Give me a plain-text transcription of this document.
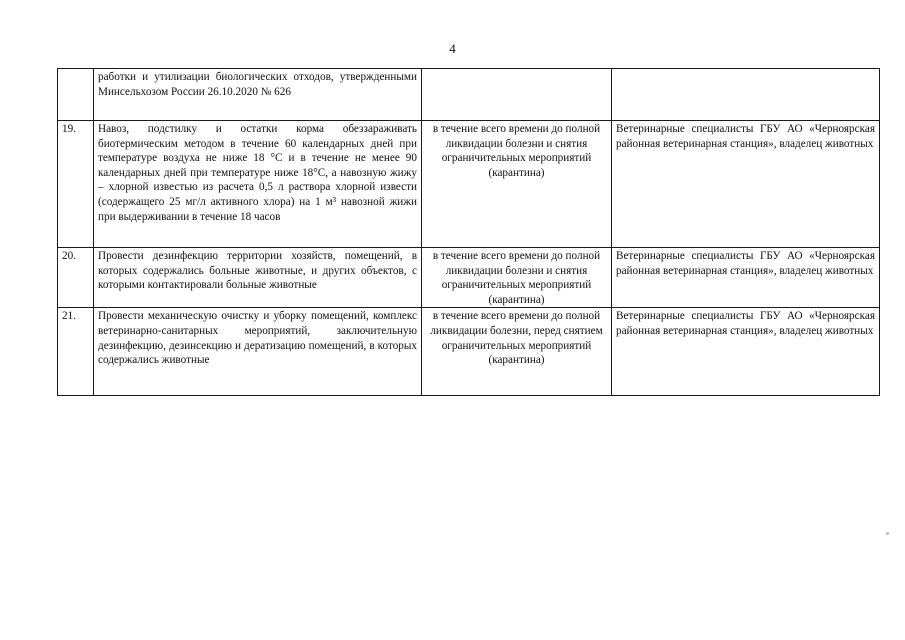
4
	работки и утилизации биологических отходов, утвержденными Минсельхозом России 26.10.2020 № 626		
19.	Навоз, подстилку и остатки корма обеззараживать биотермическим методом в течение 60 календарных дней при температуре воздуха не ниже 18 °С и в течение не менее 90 календарных дней при температуре ниже 18°С, а навозную жижу – хлорной известью из расчета 0,5 л раствора хлорной извести (содержащего 25 мг/л активного хлора) на 1 м³ навозной жижи при выдерживании в течение 18 часов	в течение всего времени до полной ликвидации болезни и снятия ограничительных мероприятий (карантина)	Ветеринарные специалисты ГБУ АО «Черноярская районная ветеринарная станция», владелец животных
20.	Провести дезинфекцию территории хозяйств, помещений, в которых содержались больные животные, и других объектов, с которыми контактировали больные животные	в течение всего времени до полной ликвидации болезни и снятия ограничительных мероприятий (карантина)	Ветеринарные специалисты ГБУ АО «Черноярская районная ветеринарная станция», владелец животных
21.	Провести механическую очистку и уборку помещений, комплекс ветеринарно-санитарных мероприятий, заключительную дезинфекцию, дезинсекцию и дератизацию помещений, в которых содержались животные	в течение всего времени до полной ликвидации болезни, перед снятием ограничительных мероприятий (карантина)	Ветеринарные специалисты ГБУ АО «Черноярская районная ветеринарная станция», владелец животных
